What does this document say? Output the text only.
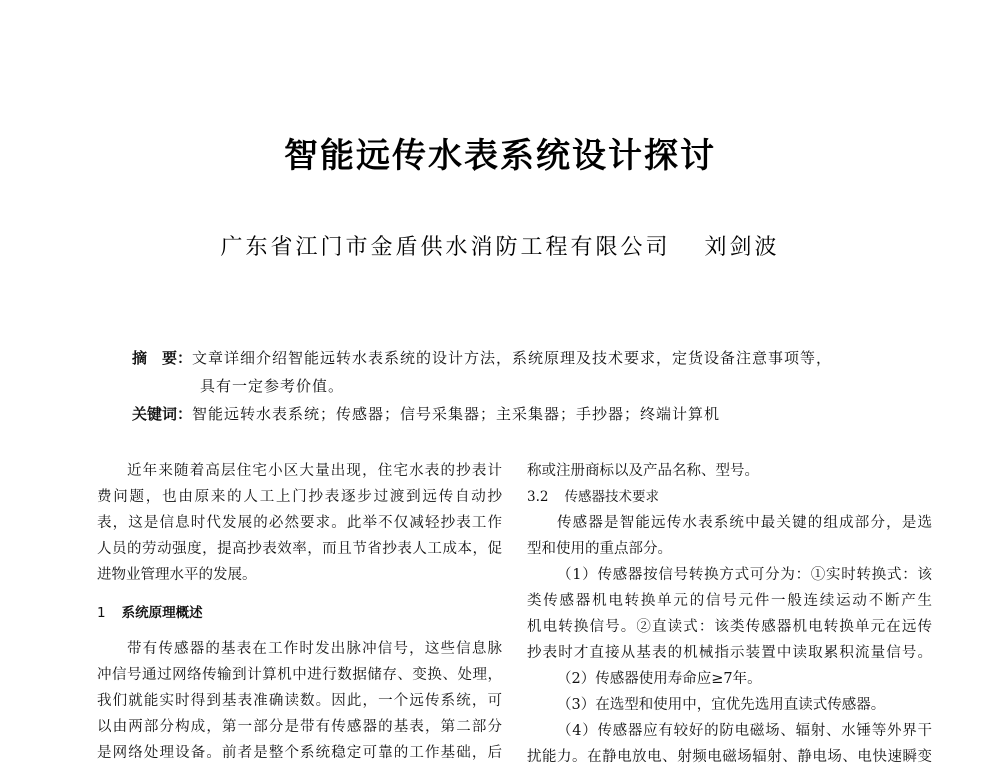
智能远传水表系统设计探讨
广东省江门市金盾供水消防工程有限公司 刘剑波
摘　要： 文章详细介绍智能远转水表系统的设计方法，系统原理及技术要求，定货设备注意事项等，
具有一定参考价值。
关键词： 智能远转水表系统；传感器；信号采集器；主采集器；手抄器；终端计算机
近年来随着高层住宅小区大量出现，住宅水表的抄表计
费问题，也由原来的人工上门抄表逐步过渡到远传自动抄
表，这是信息时代发展的必然要求。此举不仅减轻抄表工作
人员的劳动强度，提高抄表效率，而且节省抄表人工成本，促
进物业管理水平的发展。
1 系统原理概述
带有传感器的基表在工作时发出脉冲信号，这些信息脉
冲信号通过网络传输到计算机中进行数据储存、变换、处理，
我们就能实时得到基表准确读数。因此，一个远传系统，可
以由两部分构成，第一部分是带有传感器的基表，第二部分
是网络处理设备。前者是整个系统稳定可靠的工作基础，后
称或注册商标以及产品名称、型号。
3.2 传感器技术要求
传感器是智能远传水表系统中最关键的组成部分，是选
型和使用的重点部分。
（1）传感器按信号转换方式可分为：①实时转换式：该
类传感器机电转换单元的信号元件一般连续运动不断产生
机电转换信号。②直读式：该类传感器机电转换单元在远传
抄表时才直接从基表的机械指示装置中读取累积流量信号。
（2）传感器使用寿命应≥7年。
（3）在选型和使用中，宜优先选用直读式传感器。
（4）传感器应有较好的防电磁场、辐射、水锤等外界干
扰能力。在静电放电、射频电磁场辐射、静电场、电快速瞬变
